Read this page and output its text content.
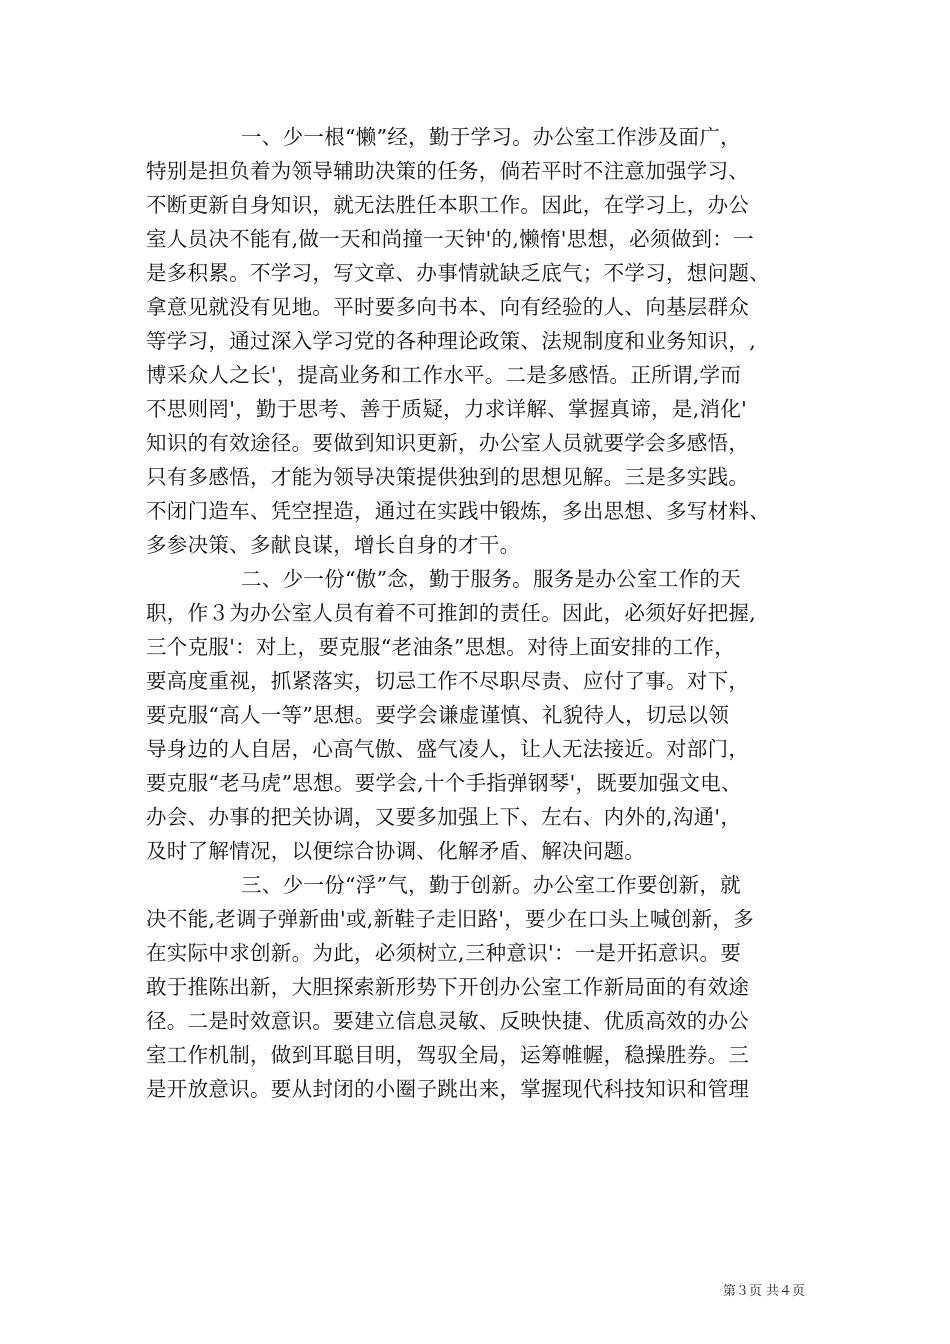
一、少一根“懒”经，勤于学习。办公室工作涉及面广，
特别是担负着为领导辅助决策的任务，倘若平时不注意加强学习、
不断更新自身知识，就无法胜任本职工作。因此，在学习上，办公
室人员决不能有,做一天和尚撞一天钟'的,懒惰'思想，必须做到：一
是多积累。不学习，写文章、办事情就缺乏底气；不学习，想问题、
拿意见就没有见地。平时要多向书本、向有经验的人、向基层群众
等学习，通过深入学习党的各种理论政策、法规制度和业务知识，,
博采众人之长'，提高业务和工作水平。二是多感悟。正所谓,学而
不思则罔'，勤于思考、善于质疑，力求详解、掌握真谛，是,消化'
知识的有效途径。要做到知识更新，办公室人员就要学会多感悟，
只有多感悟，才能为领导决策提供独到的思想见解。三是多实践。
不闭门造车、凭空捏造，通过在实践中锻炼，多出思想、多写材料、
多参决策、多献良谋，增长自身的才干。
二、少一份“傲”念，勤于服务。服务是办公室工作的天
职，作３为办公室人员有着不可推卸的责任。因此，必须好好把握,
三个克服'：对上，要克服“老油条”思想。对待上面安排的工作，
要高度重视，抓紧落实，切忌工作不尽职尽责、应付了事。对下，
要克服“高人一等”思想。要学会谦虚谨慎、礼貌待人，切忌以领
导身边的人自居，心高气傲、盛气凌人，让人无法接近。对部门，
要克服“老马虎”思想。要学会,十个手指弹钢琴'，既要加强文电、
办会、办事的把关协调，又要多加强上下、左右、内外的,沟通'，
及时了解情况，以便综合协调、化解矛盾、解决问题。
三、少一份“浮”气，勤于创新。办公室工作要创新，就
决不能,老调子弹新曲'或,新鞋子走旧路'，要少在口头上喊创新，多
在实际中求创新。为此，必须树立,三种意识'：一是开拓意识。要
敢于推陈出新，大胆探索新形势下开创办公室工作新局面的有效途
径。二是时效意识。要建立信息灵敏、反映快捷、优质高效的办公
室工作机制，做到耳聪目明，驾驭全局，运筹帷幄，稳操胜券。三
是开放意识。要从封闭的小圈子跳出来，掌握现代科技知识和管理
第３页 共４页
